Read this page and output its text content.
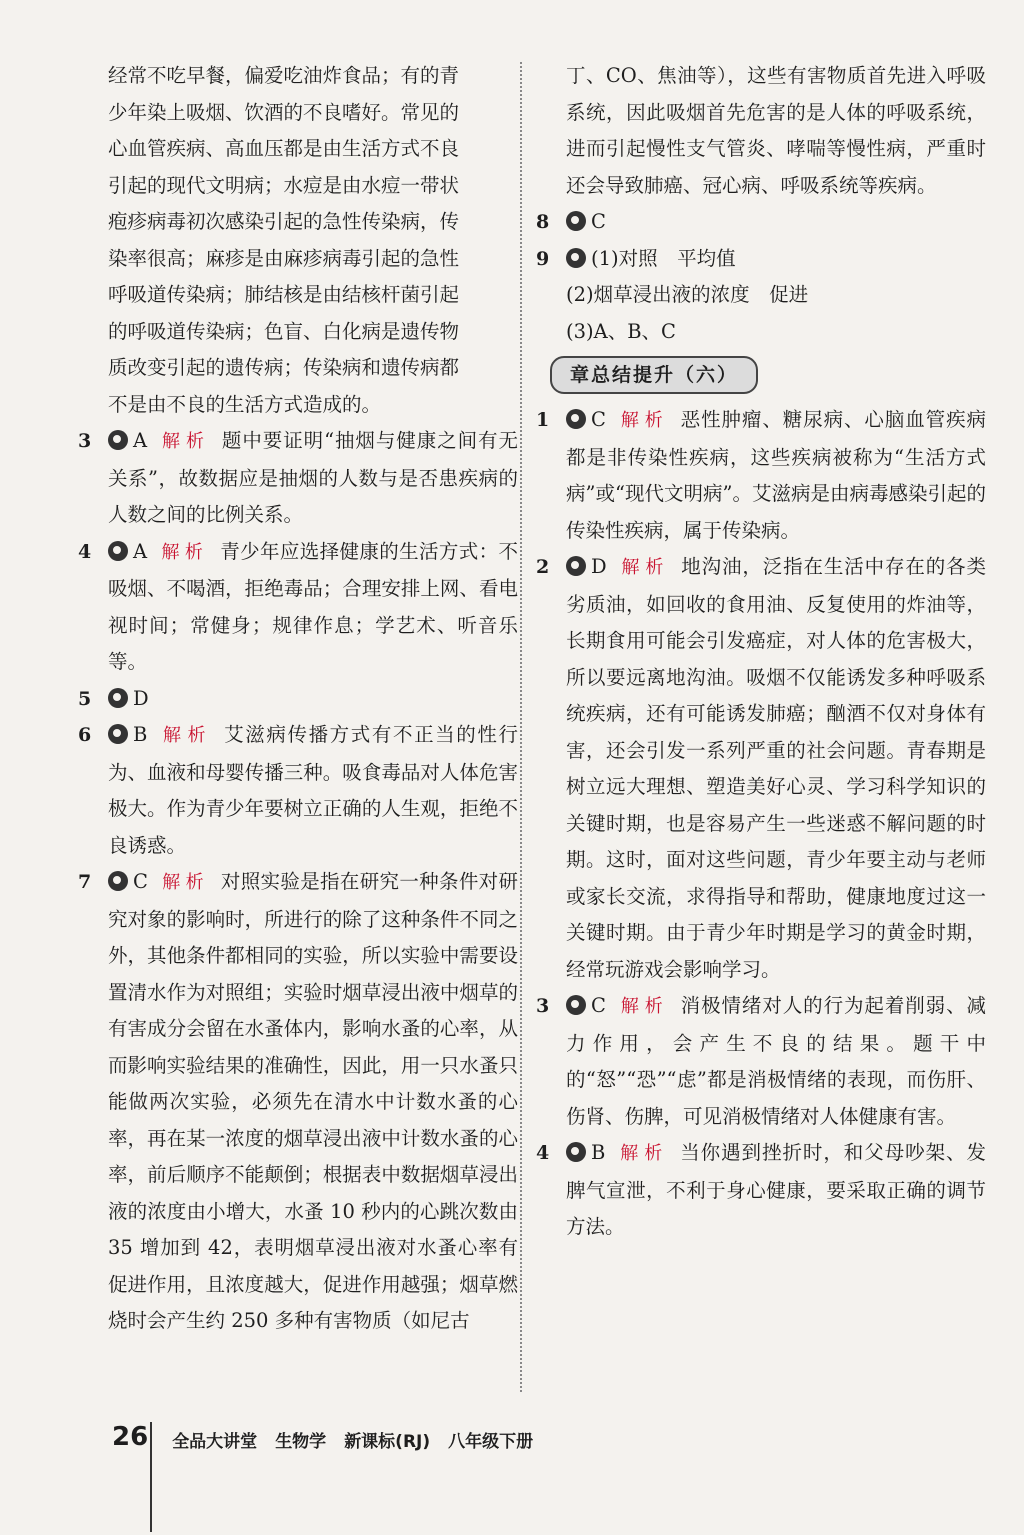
经常不吃早餐，偏爱吃油炸食品；有的青
少年染上吸烟、饮酒的不良嗜好。常见的
心血管疾病、高血压都是由生活方式不良
引起的现代文明病；水痘是由水痘一带状
疱疹病毒初次感染引起的急性传染病，传
染率很高；麻疹是由麻疹病毒引起的急性
呼吸道传染病；肺结核是由结核杆菌引起
的呼吸道传染病；色盲、白化病是遗传物
质改变引起的遗传病；传染病和遗传病都
不是由不良的生活方式造成的。
3	A 解析 题中要证明“抽烟与健康之间有无关系”，故数据应是抽烟的人数与是否患疾病的人数之间的比例关系。
4	A 解析 青少年应选择健康的生活方式：不吸烟、不喝酒，拒绝毒品；合理安排上网、看电视时间；常健身；规律作息；学艺术、听音乐等。
5	D
6	B 解析 艾滋病传播方式有不正当的性行为、血液和母婴传播三种。吸食毒品对人体危害极大。作为青少年要树立正确的人生观，拒绝不良诱惑。
7	C 解析 对照实验是指在研究一种条件对研究对象的影响时，所进行的除了这种条件不同之外，其他条件都相同的实验，所以实验中需要设置清水作为对照组；实验时烟草浸出液中烟草的有害成分会留在水蚤体内，影响水蚤的心率，从而影响实验结果的准确性，因此，用一只水蚤只能做两次实验，必须先在清水中计数水蚤的心率，再在某一浓度的烟草浸出液中计数水蚤的心率，前后顺序不能颠倒；根据表中数据烟草浸出液的浓度由小增大，水蚤 10 秒内的心跳次数由 35 增加到 42，表明烟草浸出液对水蚤心率有促进作用，且浓度越大，促进作用越强；烟草燃烧时会产生约 250 多种有害物质（如尼古
丁、CO、焦油等），这些有害物质首先进入呼吸系统，因此吸烟首先危害的是人体的呼吸系统，进而引起慢性支气管炎、哮喘等慢性病，严重时还会导致肺癌、冠心病、呼吸系统等疾病。
8	C
9	(1)对照　平均值
(2)烟草浸出液的浓度　促进
(3)A、B、C
章总结提升（六）
1	C 解析 恶性肿瘤、糖尿病、心脑血管疾病都是非传染性疾病，这些疾病被称为“生活方式病”或“现代文明病”。艾滋病是由病毒感染引起的传染性疾病，属于传染病。
2	D 解析 地沟油，泛指在生活中存在的各类劣质油，如回收的食用油、反复使用的炸油等，长期食用可能会引发癌症，对人体的危害极大，所以要远离地沟油。吸烟不仅能诱发多种呼吸系统疾病，还有可能诱发肺癌；酗酒不仅对身体有害，还会引发一系列严重的社会问题。青春期是树立远大理想、塑造美好心灵、学习科学知识的关键时期，也是容易产生一些迷惑不解问题的时期。这时，面对这些问题，青少年要主动与老师或家长交流，求得指导和帮助，健康地度过这一关键时期。由于青少年时期是学习的黄金时期，经常玩游戏会影响学习。
3	C 解析 消极情绪对人的行为起着削弱、减力作用，会产生不良的结果。题干中的“怒”“恐”“虑”都是消极情绪的表现，而伤肝、伤肾、伤脾，可见消极情绪对人体健康有害。
4	B 解析 当你遇到挫折时，和父母吵架、发脾气宣泄，不利于身心健康，要采取正确的调节方法。
26 全品大讲堂 生物学 新课标(RJ) 八年级下册
